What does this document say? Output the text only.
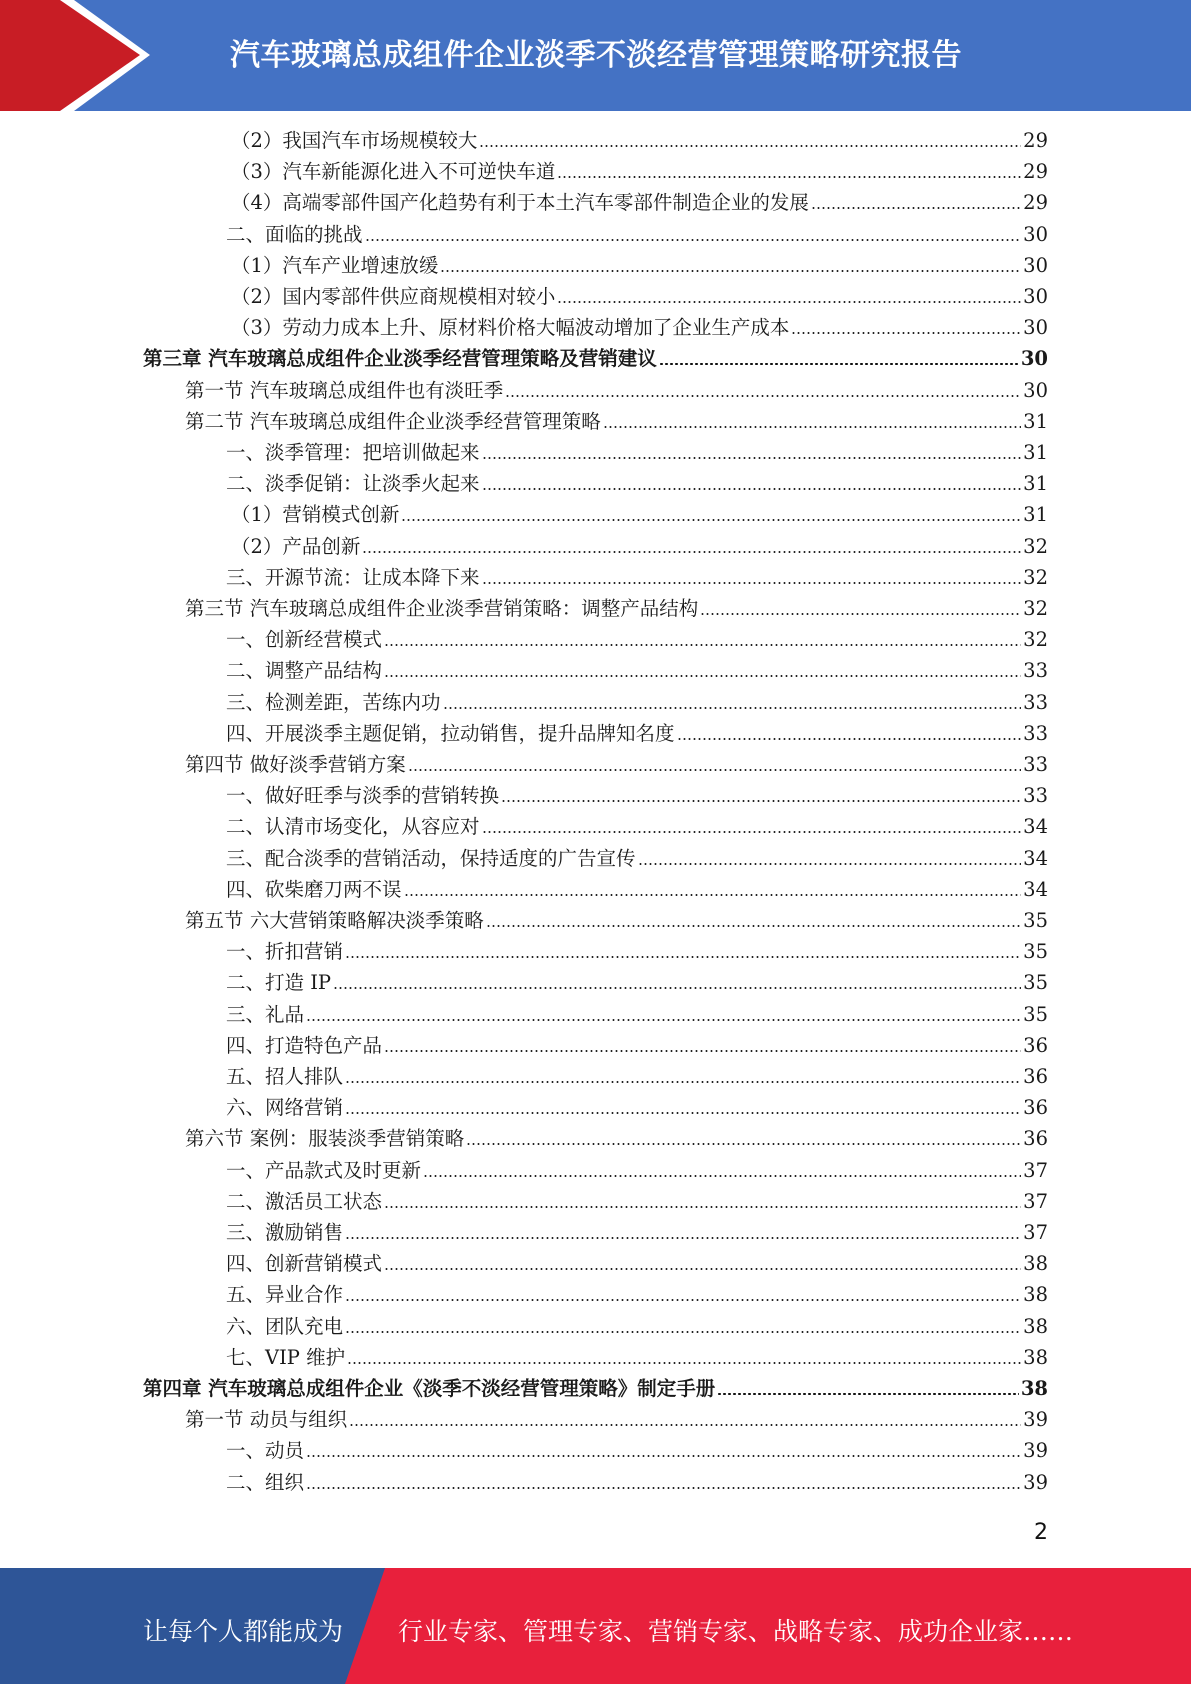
汽车玻璃总成组件企业淡季不淡经营管理策略研究报告
（2）我国汽车市场规模较大	29
（3）汽车新能源化进入不可逆快车道	29
（4）高端零部件国产化趋势有利于本土汽车零部件制造企业的发展	29
二、面临的挑战	30
（1）汽车产业增速放缓	30
（2）国内零部件供应商规模相对较小	30
（3）劳动力成本上升、原材料价格大幅波动增加了企业生产成本	30
第三章 汽车玻璃总成组件企业淡季经营管理策略及营销建议	30
第一节 汽车玻璃总成组件也有淡旺季	30
第二节 汽车玻璃总成组件企业淡季经营管理策略	31
一、淡季管理：把培训做起来	31
二、淡季促销：让淡季火起来	31
（1）营销模式创新	31
（2）产品创新	32
三、开源节流：让成本降下来	32
第三节 汽车玻璃总成组件企业淡季营销策略：调整产品结构	32
一、创新经营模式	32
二、调整产品结构	33
三、检测差距，苦练内功	33
四、开展淡季主题促销，拉动销售，提升品牌知名度	33
第四节 做好淡季营销方案	33
一、做好旺季与淡季的营销转换	33
二、认清市场变化，从容应对	34
三、配合淡季的营销活动，保持适度的广告宣传	34
四、砍柴磨刀两不误	34
第五节 六大营销策略解决淡季策略	35
一、折扣营销	35
二、打造 IP	35
三、礼品	35
四、打造特色产品	36
五、招人排队	36
六、网络营销	36
第六节 案例：服装淡季营销策略	36
一、产品款式及时更新	37
二、激活员工状态	37
三、激励销售	37
四、创新营销模式	38
五、异业合作	38
六、团队充电	38
七、VIP 维护	38
第四章 汽车玻璃总成组件企业《淡季不淡经营管理策略》制定手册	38
第一节 动员与组织	39
一、动员	39
二、组织	39
2
让每个人都能成为 行业专家、管理专家、营销专家、战略专家、成功企业家……
